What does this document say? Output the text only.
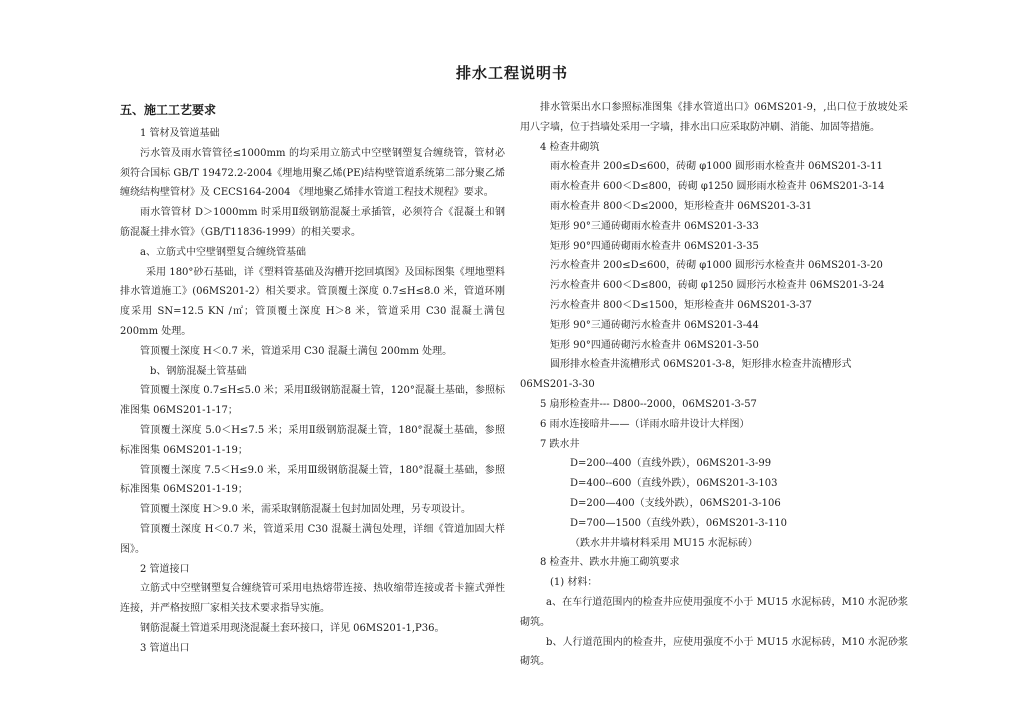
排水工程说明书

五、施工工艺要求

1 管材及管道基础

污水管及雨水管管径≤1000mm 的均采用立筋式中空壁钢塑复合缠绕管，管材必须符合国标 GB/T 19472.2-2004《埋地用聚乙烯(PE)结构壁管道系统第二部分聚乙烯缠绕结构壁管材》及 CECS164-2004 《埋地聚乙烯排水管道工程技术规程》要求。

雨水管管材 D＞1000mm 时采用Ⅱ级钢筋混凝土承插管，必须符合《混凝土和钢筋混凝土排水管》（GB/T11836-1999）的相关要求。

a、立筋式中空壁钢塑复合缠绕管基础

采用 180°砂石基础，详《塑料管基础及沟槽开挖回填图》及国标图集《埋地塑料排水管道施工》(06MS201-2）相关要求。管顶覆土深度 0.7≤H≤8.0 米，管道环刚度采用 SN=12.5 KN /㎡；管顶覆土深度 H＞8 米，管道采用 C30 混凝土满包 200mm 处理。

管顶覆土深度 H＜0.7 米，管道采用 C30 混凝土满包 200mm 处理。

b、钢筋混凝土管基础

管顶覆土深度 0.7≤H≤5.0 米；采用Ⅱ级钢筋混凝土管，120°混凝土基础，参照标准图集 06MS201-1-17；

管顶覆土深度 5.0＜H≤7.5 米；采用Ⅱ级钢筋混凝土管，180°混凝土基础，参照标准图集 06MS201-1-19；

管顶覆土深度 7.5＜H≤9.0 米，采用Ⅲ级钢筋混凝土管，180°混凝土基础，参照标准图集 06MS201-1-19；

管顶覆土深度 H＞9.0 米，需采取钢筋混凝土包封加固处理，另专项设计。

管顶覆土深度 H＜0.7 米，管道采用 C30 混凝土满包处理，详细《管道加固大样图》。

2 管道接口

立筋式中空壁钢塑复合缠绕管可采用电热熔带连接、热收缩带连接或者卡箍式弹性连接，并严格按照厂家相关技术要求指导实施。

钢筋混凝土管道采用现浇混凝土套环接口，详见 06MS201-1,P36。

3 管道出口

排水管渠出水口参照标准图集《排水管道出口》06MS201-9，,出口位于放坡处采用八字墙，位于挡墙处采用一字墙，排水出口应采取防冲刷、消能、加固等措施。

4 检查井砌筑

雨水检查井 200≤D≤600，砖砌 φ1000 圆形雨水检查井 06MS201-3-11

雨水检查井 600＜D≤800，砖砌 φ1250 圆形雨水检查井 06MS201-3-14

雨水检查井 800＜D≤2000，矩形检查井 06MS201-3-31

矩形 90°三通砖砌雨水检查井 06MS201-3-33

矩形 90°四通砖砌雨水检查井 06MS201-3-35

污水检查井 200≤D≤600，砖砌 φ1000 圆形污水检查井 06MS201-3-20

污水检查井 600＜D≤800，砖砌 φ1250 圆形污水检查井 06MS201-3-24

污水检查井 800＜D≤1500，矩形检查井 06MS201-3-37

矩形 90°三通砖砌污水检查井 06MS201-3-44

矩形 90°四通砖砌污水检查井 06MS201-3-50

圆形排水检查井流槽形式 06MS201-3-8，矩形排水检查井流槽形式

06MS201-3-30

5 扇形检查井--- D800--2000，06MS201-3-57

6 雨水连接暗井——（详雨水暗井设计大样图）

7 跌水井

D=200--400（直线外跌），06MS201-3-99

D=400--600（直线外跌），06MS201-3-103

D=200—400（支线外跌），06MS201-3-106

D=700—1500（直线外跌），06MS201-3-110

（跌水井井墙材料采用 MU15 水泥标砖）

8 检查井、跌水井施工砌筑要求

(1) 材料：

a、在车行道范围内的检查井应使用强度不小于 MU15 水泥标砖，M10 水泥砂浆砌筑。

b、人行道范围内的检查井，应使用强度不小于 MU15 水泥标砖，M10 水泥砂浆砌筑。
